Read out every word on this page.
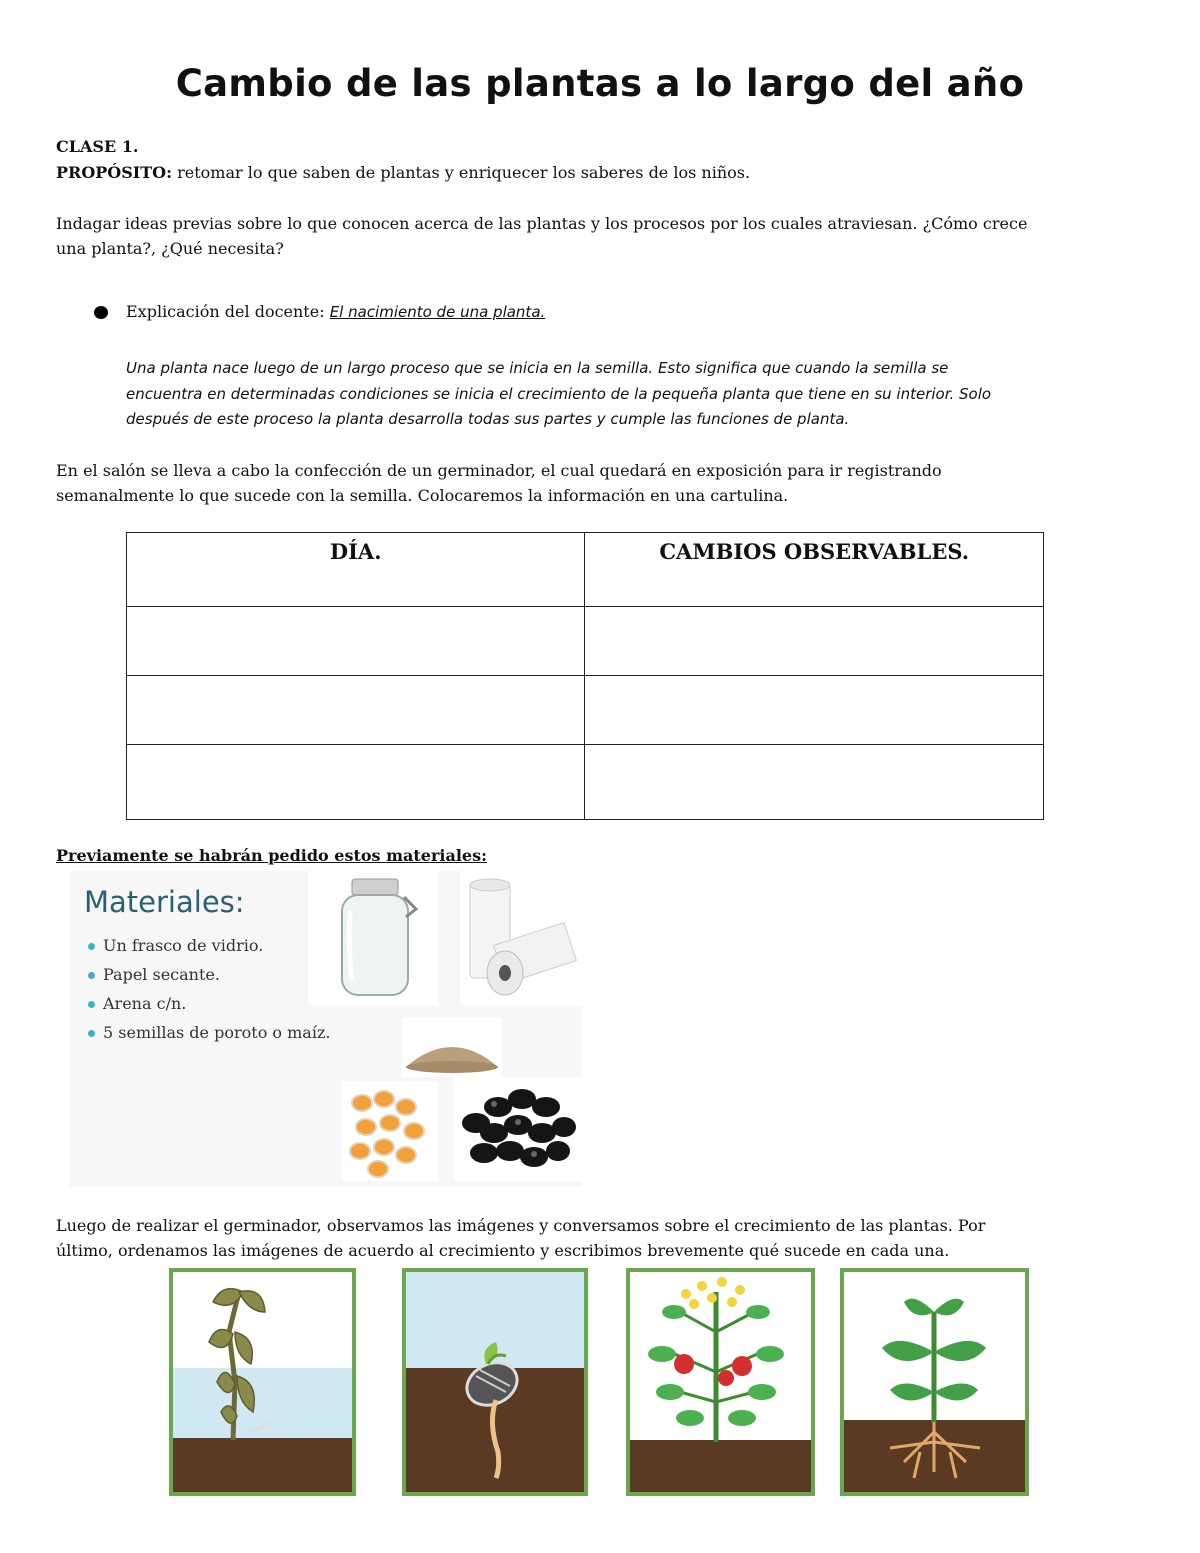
Cambio de las plantas a lo largo del año

CLASE 1.

PROPÓSITO: retomar lo que saben de plantas y enriquecer los saberes de los niños.

Indagar ideas previas sobre lo que conocen acerca de las plantas y los procesos por los cuales atraviesan. ¿Cómo crece

una planta?, ¿Qué necesita?

Explicación del docente: El nacimiento de una planta.

Una planta nace luego de un largo proceso que se inicia en la semilla. Esto significa que cuando la semilla se

encuentra en determinadas condiciones se inicia el crecimiento de la pequeña planta que tiene en su interior. Solo

después de este proceso la planta desarrolla todas sus partes y cumple las funciones de planta.

En el salón se lleva a cabo la confección de un germinador, el cual quedará en exposición para ir registrando

semanalmente lo que sucede con la semilla. Colocaremos la información en una cartulina.

DÍA.	CAMBIOS OBSERVABLES.

Previamente se habrán pedido estos materiales:

Materiales:

Un frasco de vidrio.
Papel secante.
Arena c/n.
5 semillas de poroto o maíz.

Luego de realizar el germinador, observamos las imágenes y conversamos sobre el crecimiento de las plantas. Por

último, ordenamos las imágenes de acuerdo al crecimiento y escribimos brevemente qué sucede en cada una.
